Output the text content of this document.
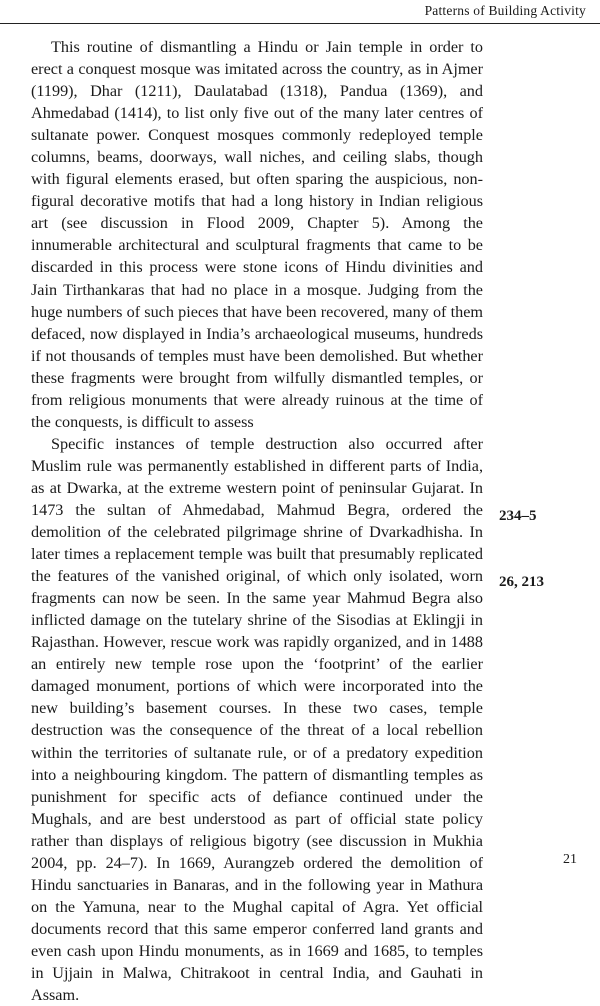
Patterns of Building Activity

This routine of dismantling a Hindu or Jain temple in order to erect a conquest mosque was imitated across the country, as in Ajmer (1199), Dhar (1211), Daulatabad (1318), Pandua (1369), and Ahmedabad (1414), to list only five out of the many later centres of sultanate power. Conquest mosques commonly redeployed temple columns, beams, doorways, wall niches, and ceiling slabs, though with figural elements erased, but often sparing the auspicious, non-figural decorative motifs that had a long history in Indian religious art (see discussion in Flood 2009, Chapter 5). Among the innumerable architectural and sculptural fragments that came to be discarded in this process were stone icons of Hindu divinities and Jain Tirthankaras that had no place in a mosque. Judging from the huge numbers of such pieces that have been recovered, many of them defaced, now displayed in India’s archaeological museums, hundreds if not thousands of temples must have been demolished. But whether these fragments were brought from wilfully dismantled temples, or from religious monuments that were already ruinous at the time of the conquests, is difficult to assess

Specific instances of temple destruction also occurred after Muslim rule was permanently established in different parts of India, as at Dwarka, at the extreme western point of peninsular Gujarat. In 1473 the sultan of Ahmedabad, Mahmud Begra, ordered the demolition of the celebrated pilgrimage shrine of Dvarkadhisha. In later times a replacement temple was built that presumably replicated the features of the vanished original, of which only isolated, worn fragments can now be seen. In the same year Mahmud Begra also inflicted damage on the tutelary shrine of the Sisodias at Eklingji in Rajasthan. However, rescue work was rapidly organized, and in 1488 an entirely new temple rose upon the ‘footprint’ of the earlier damaged monument, portions of which were incorporated into the new building’s basement courses. In these two cases, temple destruction was the consequence of the threat of a local rebellion within the territories of sultanate rule, or of a predatory expedition into a neighbouring kingdom. The pattern of dismantling temples as punishment for specific acts of defiance continued under the Mughals, and are best understood as part of official state policy rather than displays of religious bigotry (see discussion in Mukhia 2004, pp. 24–7). In 1669, Aurangzeb ordered the demolition of Hindu sanctuaries in Banaras, and in the following year in Mathura on the Yamuna, near to the Mughal capital of Agra. Yet official documents record that this same emperor conferred land grants and even cash upon Hindu monuments, as in 1669 and 1685, to temples in Ujjain in Malwa, Chitrakoot in central India, and Gauhati in Assam.

234–5
26, 213
21
